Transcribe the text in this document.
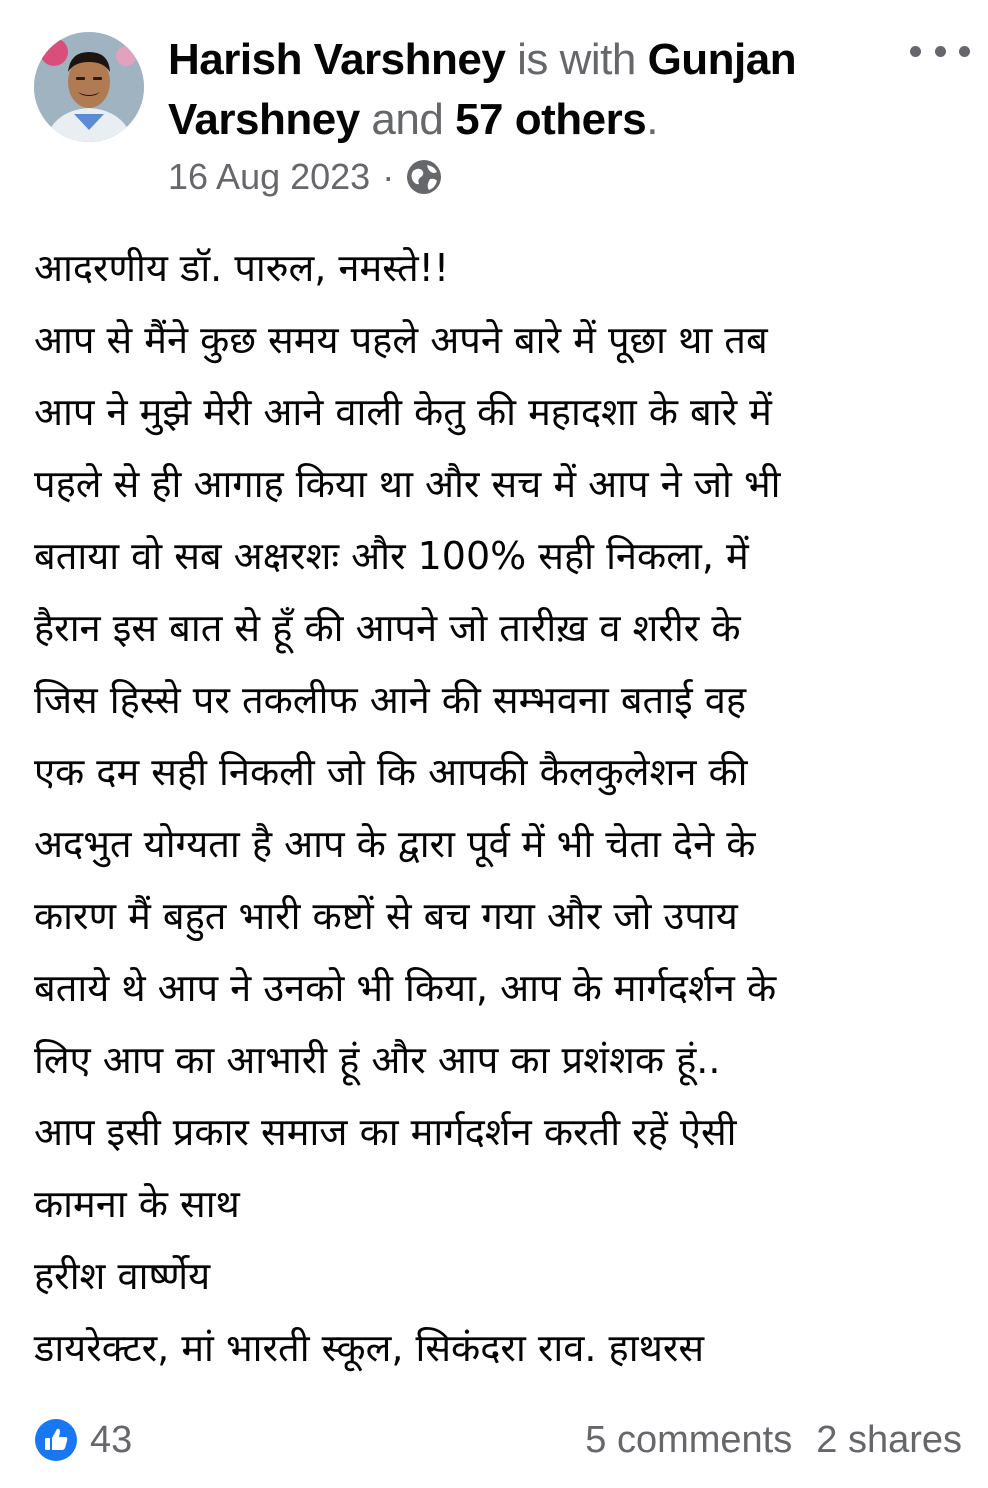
Harish Varshney is with Gunjan Varshney and 57 others.
16 Aug 2023 ·
आदरणीय डॉ. पारुल, नमस्ते!!
आप से मैंने कुछ समय पहले अपने बारे में पूछा था तब
आप ने मुझे मेरी आने वाली केतु की महादशा के बारे में
पहले से ही आगाह किया था और सच में आप ने जो भी
बताया वो सब अक्षरशः और 100% सही निकला, में
हैरान इस बात से हूँ की आपने जो तारीख़ व शरीर के
जिस हिस्से पर तकलीफ आने की सम्भवना बताई वह
एक दम सही निकली जो कि आपकी कैलकुलेशन की
अदभुत योग्यता है आप के द्वारा पूर्व में भी चेता देने के
कारण मैं बहुत भारी कष्टों से बच गया और जो उपाय
बताये थे आप ने उनको भी किया, आप के मार्गदर्शन के
लिए आप का आभारी हूं और आप का प्रशंशक हूं..
आप इसी प्रकार समाज का मार्गदर्शन करती रहें ऐसी
कामना के साथ
हरीश वार्ष्णेय
डायरेक्टर, मां भारती स्कूल, सिकंदरा राव. हाथरस
43	5 comments 2 shares
